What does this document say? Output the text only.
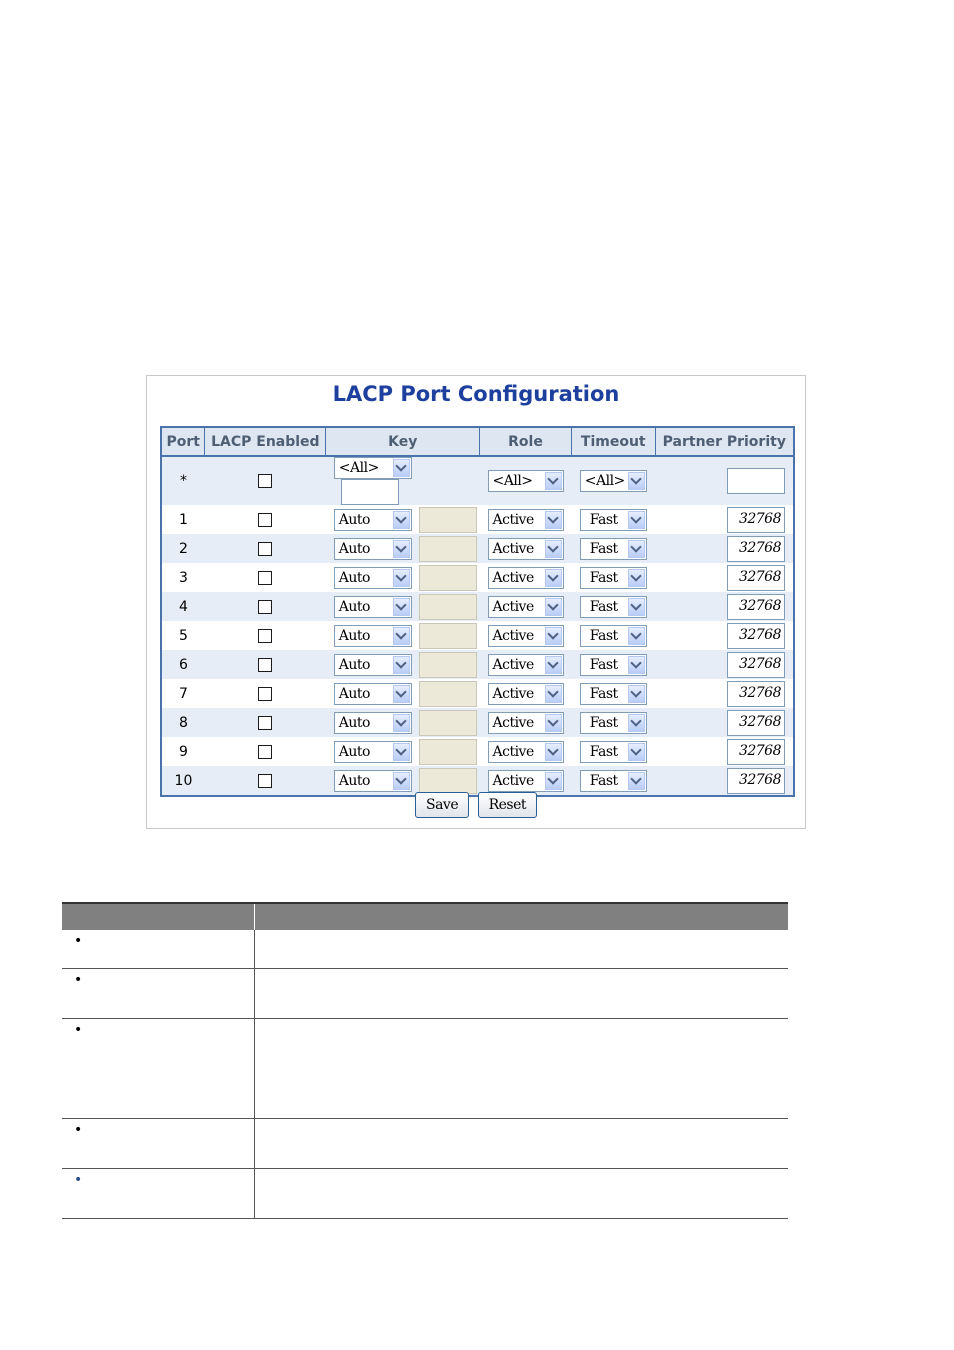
LACP Port Configuration
Port	LACP Enabled	Key	Role	Timeout	Partner Priority
*		<All>	<All>	<All>	

1		Auto	Active	Fast	32768
2		Auto	Active	Fast	32768
3		Auto	Active	Fast	32768
4		Auto	Active	Fast	32768
5		Auto	Active	Fast	32768
6		Auto	Active	Fast	32768
7		Auto	Active	Fast	32768
8		Auto	Active	Fast	32768
9		Auto	Active	Fast	32768
10		Auto	Active	Fast	32768
Save Reset

•	

•	

•	

•	

•	
